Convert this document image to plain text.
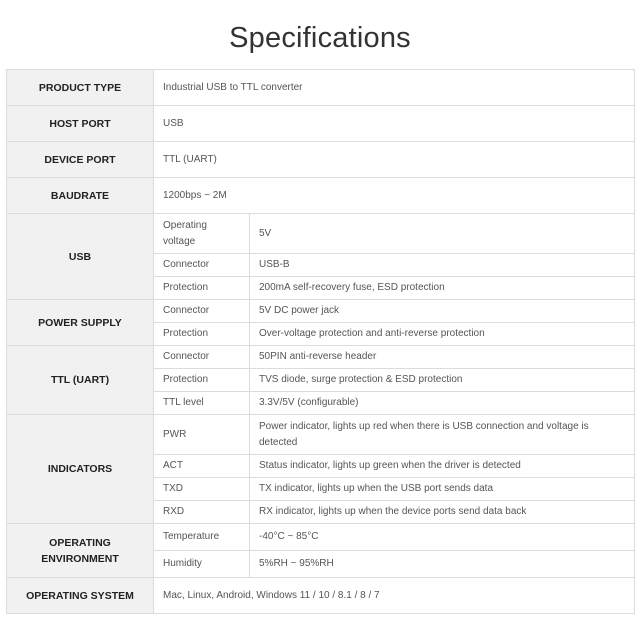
Specifications
PRODUCT TYPE	Industrial USB to TTL converter	
HOST PORT	USB	
DEVICE PORT	TTL (UART)	
BAUDRATE	1200bps ~ 2M	
USB	Operating voltage	5V
	Connector	USB-B
	Protection	200mA self-recovery fuse, ESD protection
POWER SUPPLY	Connector	5V DC power jack
	Protection	Over-voltage protection and anti-reverse protection
TTL (UART)	Connector	50PIN anti-reverse header
	Protection	TVS diode, surge protection & ESD protection
	TTL level	3.3V/5V (configurable)
INDICATORS	PWR	Power indicator, lights up red when there is USB connection and voltage is detected
	ACT	Status indicator, lights up green when the driver is detected
	TXD	TX indicator, lights up when the USB port sends data
	RXD	RX indicator, lights up when the device ports send data back
OPERATING ENVIRONMENT	Temperature	-40°C ~ 85°C
	Humidity	5%RH ~ 95%RH
OPERATING SYSTEM	Mac, Linux, Android, Windows 11 / 10 / 8.1 / 8 / 7	
